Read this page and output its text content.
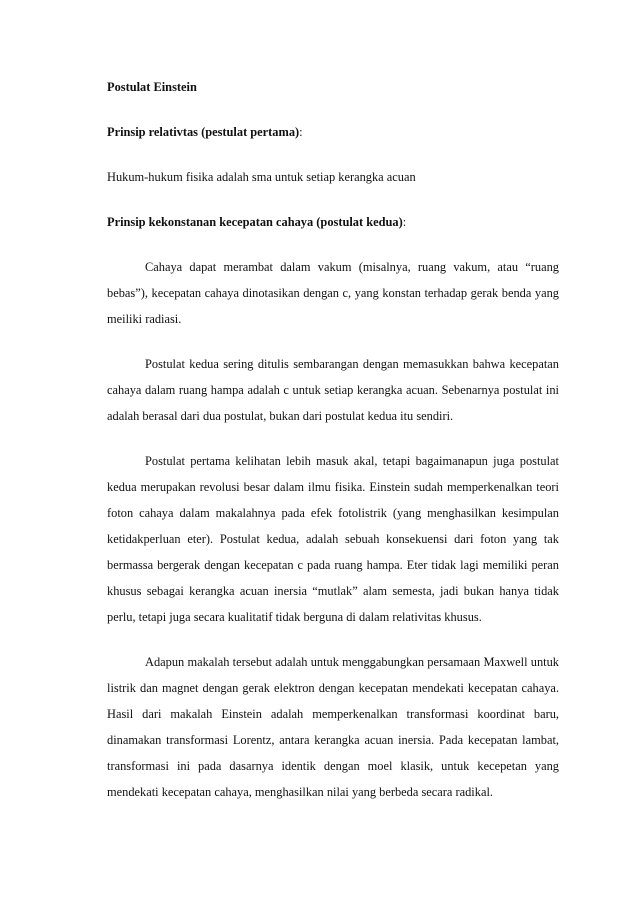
Postulat Einstein
Prinsip relativtas (pestulat pertama):
Hukum-hukum fisika adalah sma untuk setiap kerangka acuan
Prinsip kekonstanan kecepatan cahaya (postulat kedua):

Cahaya dapat merambat dalam vakum (misalnya, ruang vakum, atau “ruang bebas”), kecepatan cahaya dinotasikan dengan c, yang konstan terhadap gerak benda yang meiliki radiasi.

Postulat kedua sering ditulis sembarangan dengan memasukkan bahwa kecepatan cahaya dalam ruang hampa adalah c untuk setiap kerangka acuan. Sebenarnya postulat ini adalah berasal dari dua postulat, bukan dari postulat kedua itu sendiri.

Postulat pertama kelihatan lebih masuk akal, tetapi bagaimanapun juga postulat kedua merupakan revolusi besar dalam ilmu fisika. Einstein sudah memperkenalkan teori foton cahaya dalam makalahnya pada efek fotolistrik (yang menghasilkan kesimpulan ketidakperluan eter). Postulat kedua, adalah sebuah konsekuensi dari foton yang tak bermassa bergerak dengan kecepatan c pada ruang hampa. Eter tidak lagi memiliki peran khusus sebagai kerangka acuan inersia “mutlak” alam semesta, jadi bukan hanya tidak perlu, tetapi juga secara kualitatif tidak berguna di dalam relativitas khusus.

Adapun makalah tersebut adalah untuk menggabungkan persamaan Maxwell untuk listrik dan magnet dengan gerak elektron dengan kecepatan mendekati kecepatan cahaya. Hasil dari makalah Einstein adalah memperkenalkan transformasi koordinat baru, dinamakan transformasi Lorentz, antara kerangka acuan inersia. Pada kecepatan lambat, transformasi ini pada dasarnya identik dengan moel klasik, untuk kecepetan yang mendekati kecepatan cahaya, menghasilkan nilai yang berbeda secara radikal.
